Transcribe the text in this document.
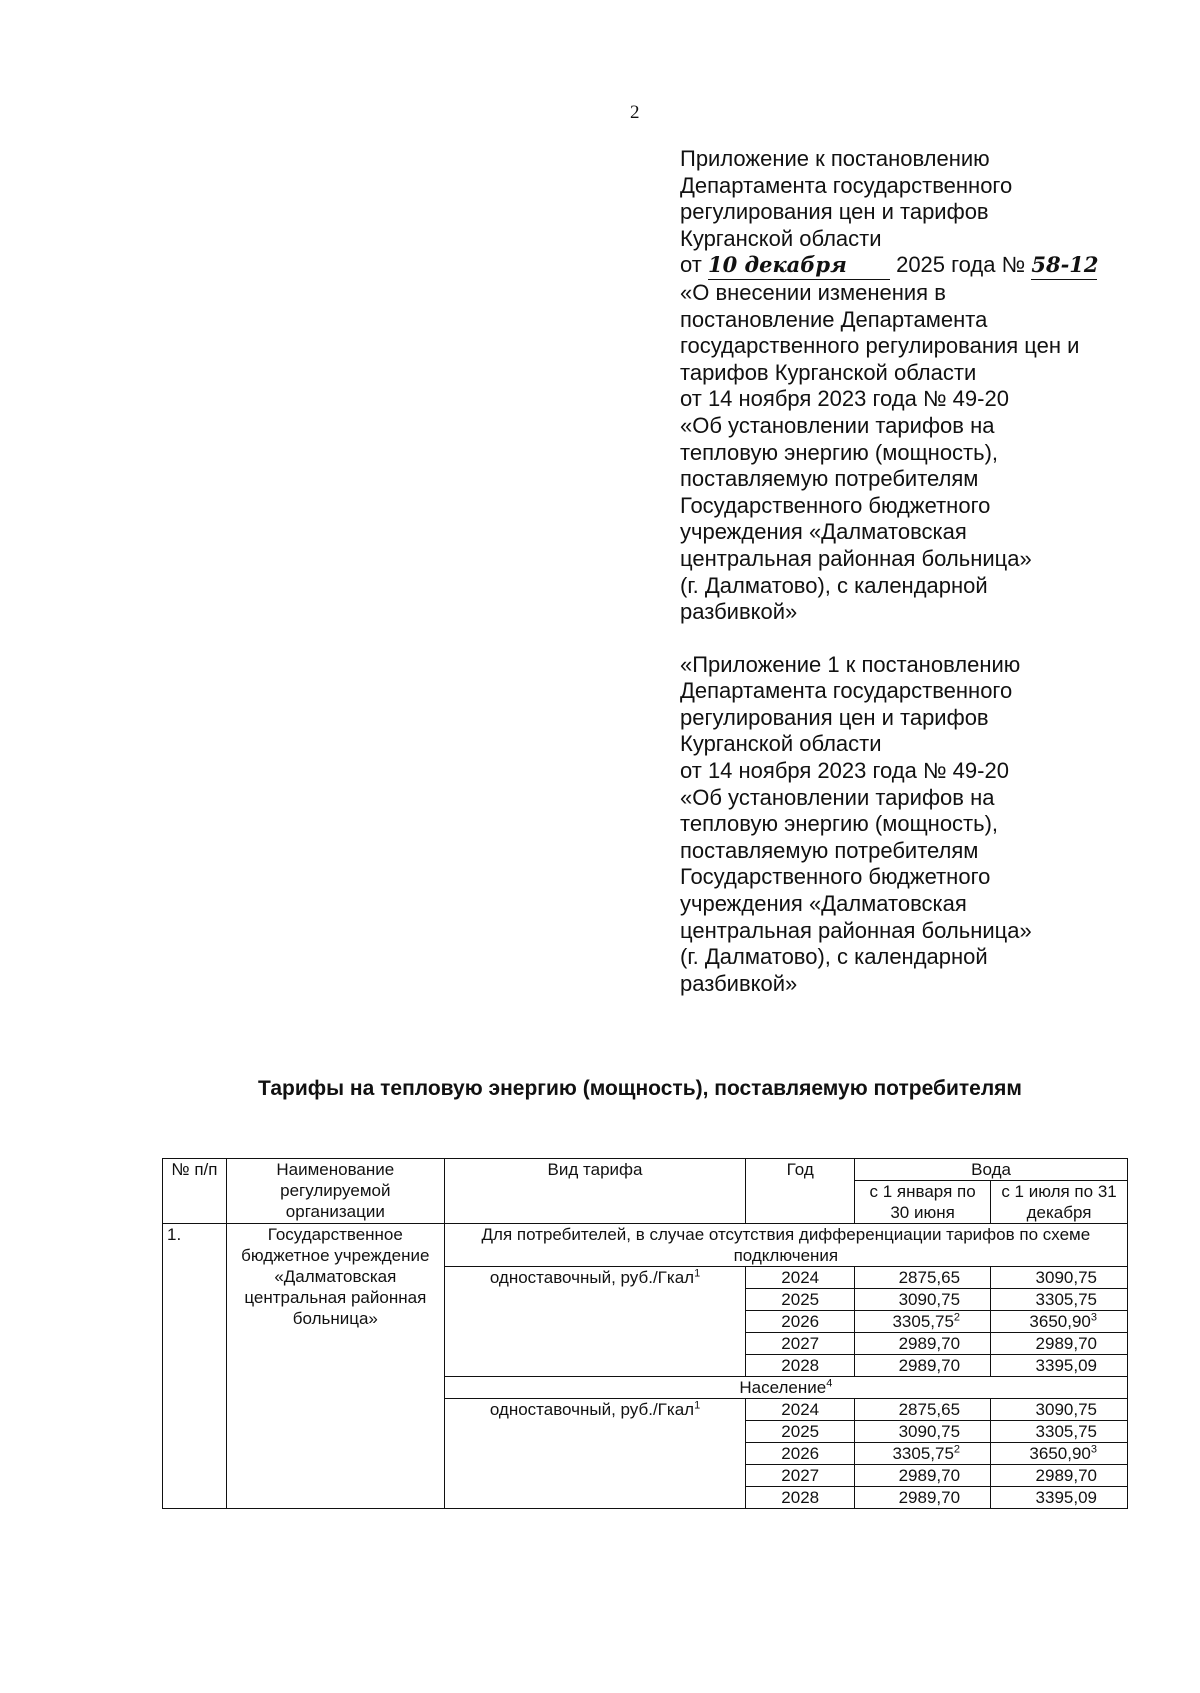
2
Приложение к постановлению
Департамента государственного
регулирования цен и тарифов
Курганской области
от 10 декабря 2025 года № 58-12
«О внесении изменения в
постановление Департамента
государственного регулирования цен и
тарифов Курганской области
от 14 ноября 2023 года № 49-20
«Об установлении тарифов на
тепловую энергию (мощность),
поставляемую потребителям
Государственного бюджетного
учреждения «Далматовская
центральная районная больница»
(г. Далматово), с календарной
разбивкой»
«Приложение 1 к постановлению
Департамента государственного
регулирования цен и тарифов
Курганской области
от 14 ноября 2023 года № 49-20
«Об установлении тарифов на
тепловую энергию (мощность),
поставляемую потребителям
Государственного бюджетного
учреждения «Далматовская
центральная районная больница»
(г. Далматово), с календарной
разбивкой»
Тарифы на тепловую энергию (мощность), поставляемую потребителям
№ п/п	Наименование регулируемой организации	Вид тарифа	Год	Вода	
				с 1 января по 30 июня	с 1 июля по 31 декабря
1.	Государственное бюджетное учреждение «Далматовская центральная районная больница»	Для потребителей, в случае отсутствия дифференциации тарифов по схеме подключения			
		одноставочный, руб./Гкал$^1$	2024	2875,65	3090,75
			2025	3090,75	3305,75
			2026	3305,75$^2$	3650,90$^3$
			2027	2989,70	2989,70
			2028	2989,70	3395,09
		Население$^4$
		одноставочный, руб./Гкал$^1$	2024	2875,65	3090,75
			2025	3090,75	3305,75
			2026	3305,75$^2$	3650,90$^3$
			2027	2989,70	2989,70
			2028	2989,70	3395,09
